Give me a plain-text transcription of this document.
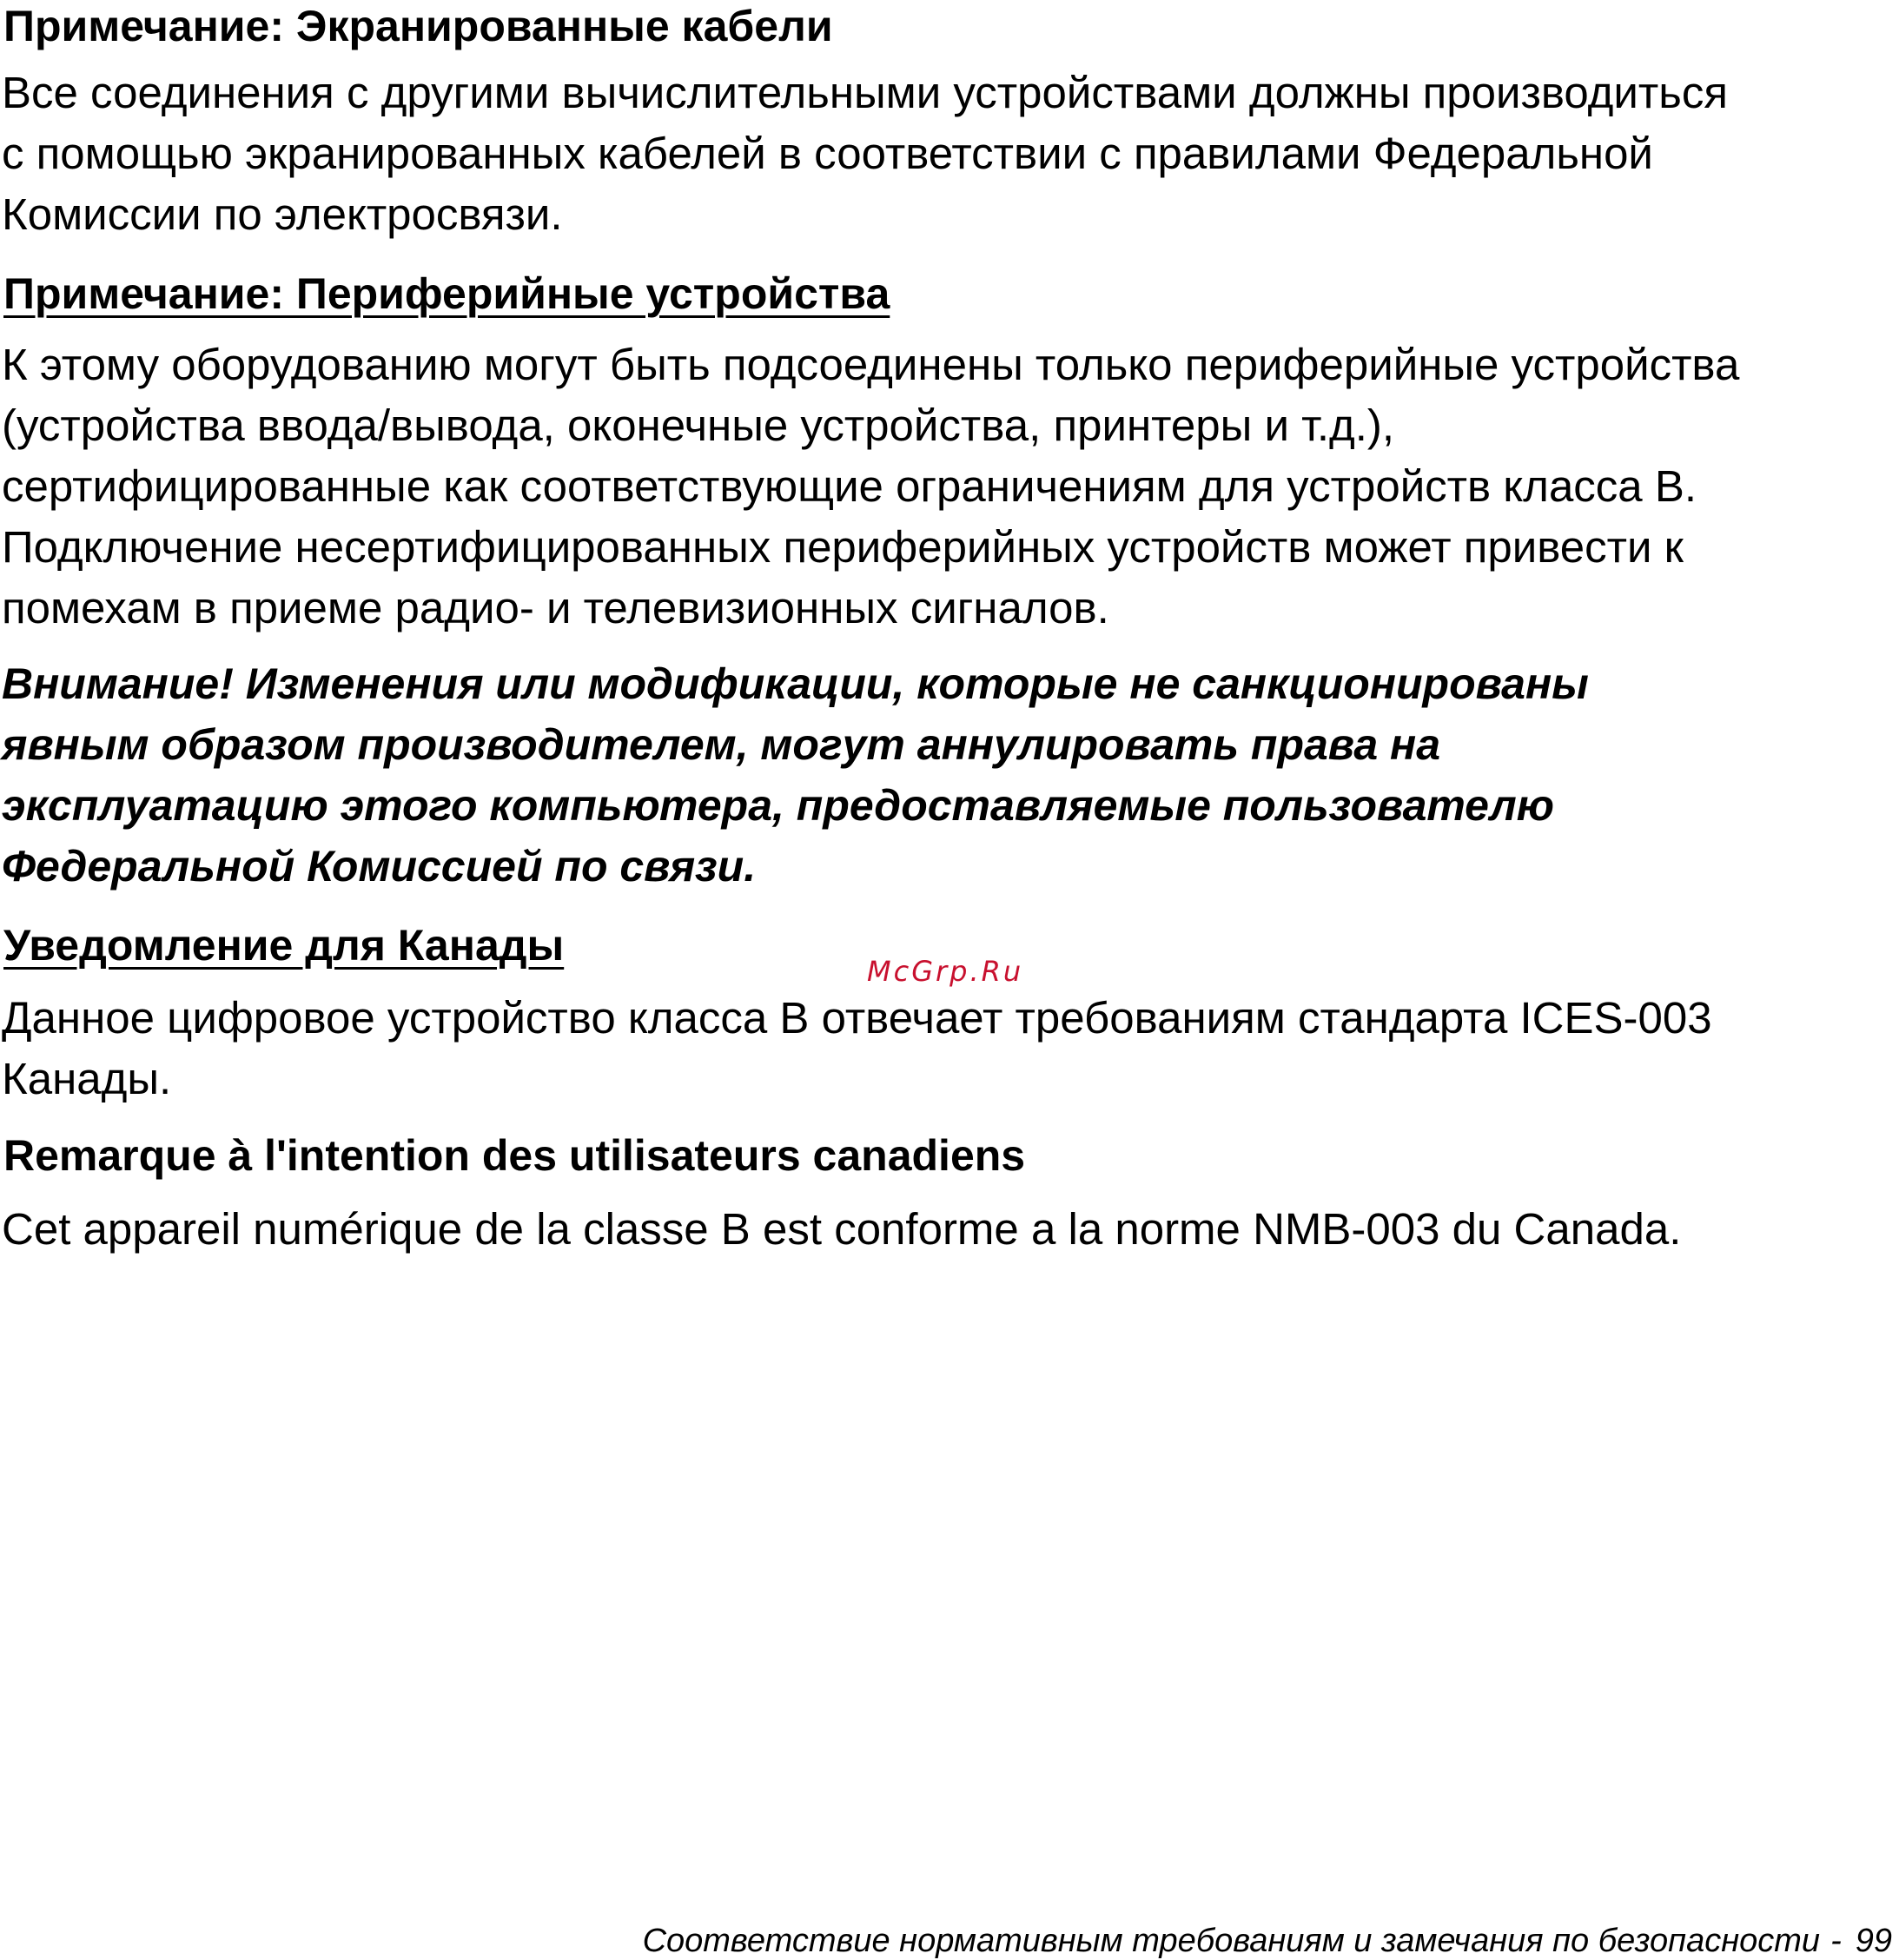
Примечание: Экранированные кабели

Все соединения с другими вычислительными устройствами должны производиться
с помощью экранированных кабелей в соответствии с правилами Федеральной
Комиссии по электросвязи.

Примечание: Периферийные устройства

К этому оборудованию могут быть подсоединены только периферийные устройства
(устройства ввода/вывода, оконечные устройства, принтеры и т.д.),
сертифицированные как соответствующие ограничениям для устройств класса B.
Подключение несертифицированных периферийных устройств может привести к
помехам в приеме радио- и телевизионных сигналов.

Внимание! Изменения или модификации, которые не санкционированы
явным образом производителем, могут аннулировать права на
эксплуатацию этого компьютера, предоставляемые пользователю
Федеральной Комиссией по связи.

Уведомление для Канады

Данное цифровое устройство класса B отвечает требованиям стандарта ICES-003
Канады.

McGrp.Ru
Remarque à l'intention des utilisateurs canadiens

Cet appareil numérique de la classe B est conforme a la norme NMB-003 du Canada.

Соответствие нормативным требованиям и замечания по безопасности - 99
